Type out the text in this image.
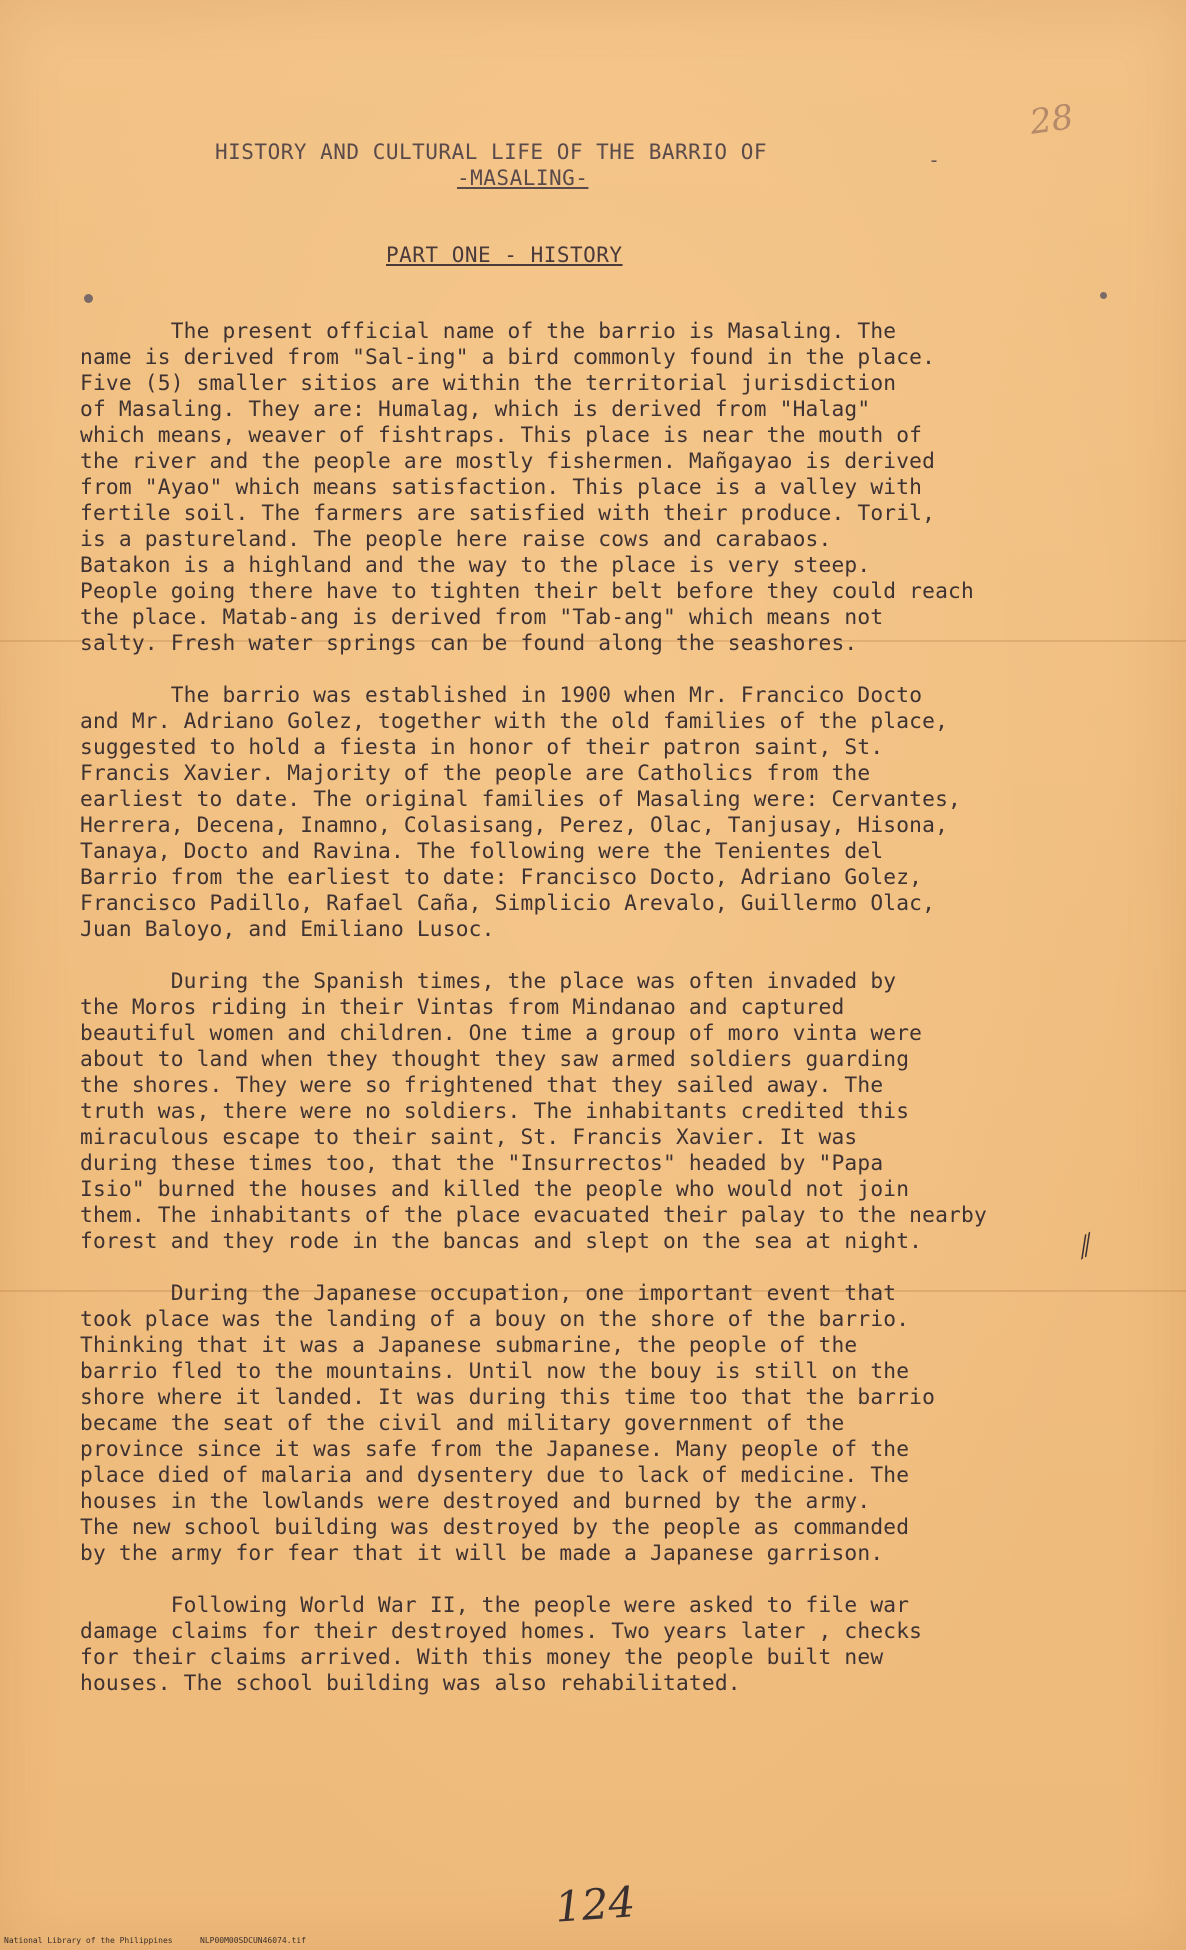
28
-
HISTORY AND CULTURAL LIFE OF THE BARRIO OF
-MASALING-
PART ONE - HISTORY

The present official name of the barrio is Masaling. The
name is derived from "Sal-ing" a bird commonly found in the place.
Five (5) smaller sitios are within the territorial jurisdiction
of Masaling. They are: Humalag, which is derived from "Halag"
which means, weaver of fishtraps. This place is near the mouth of
the river and the people are mostly fishermen. Mañgayao is derived
from "Ayao" which means satisfaction. This place is a valley with
fertile soil. The farmers are satisfied with their produce. Toril,
is a pastureland. The people here raise cows and carabaos.
Batakon is a highland and the way to the place is very steep.
People going there have to tighten their belt before they could reach
the place. Matab-ang is derived from "Tab-ang" which means not
salty. Fresh water springs can be found along the seashores.

The barrio was established in 1900 when Mr. Francico Docto
and Mr. Adriano Golez, together with the old families of the place,
suggested to hold a fiesta in honor of their patron saint, St.
Francis Xavier. Majority of the people are Catholics from the
earliest to date. The original families of Masaling were: Cervantes,
Herrera, Decena, Inamno, Colasisang, Perez, Olac, Tanjusay, Hisona,
Tanaya, Docto and Ravina. The following were the Tenientes del
Barrio from the earliest to date: Francisco Docto, Adriano Golez,
Francisco Padillo, Rafael Caña, Simplicio Arevalo, Guillermo Olac,
Juan Baloyo, and Emiliano Lusoc.

During the Spanish times, the place was often invaded by
the Moros riding in their Vintas from Mindanao and captured
beautiful women and children. One time a group of moro vinta were
about to land when they thought they saw armed soldiers guarding
the shores. They were so frightened that they sailed away. The
truth was, there were no soldiers. The inhabitants credited this
miraculous escape to their saint, St. Francis Xavier. It was
during these times too, that the "Insurrectos" headed by "Papa
Isio" burned the houses and killed the people who would not join
them. The inhabitants of the place evacuated their palay to the nearby
forest and they rode in the bancas and slept on the sea at night.

During the Japanese occupation, one important event that
took place was the landing of a bouy on the shore of the barrio.
Thinking that it was a Japanese submarine, the people of the
barrio fled to the mountains. Until now the bouy is still on the
shore where it landed. It was during this time too that the barrio
became the seat of the civil and military government of the
province since it was safe from the Japanese. Many people of the
place died of malaria and dysentery due to lack of medicine. The
houses in the lowlands were destroyed and burned by the army.
The new school building was destroyed by the people as commanded
by the army for fear that it will be made a Japanese garrison.

Following World War II, the people were asked to file war
damage claims for their destroyed homes. Two years later , checks
for their claims arrived. With this money the people built new
houses. The school building was also rehabilitated.

⁄⁄
124
National Library of the Philippines	NLP00M00SDCUN46074.tif
